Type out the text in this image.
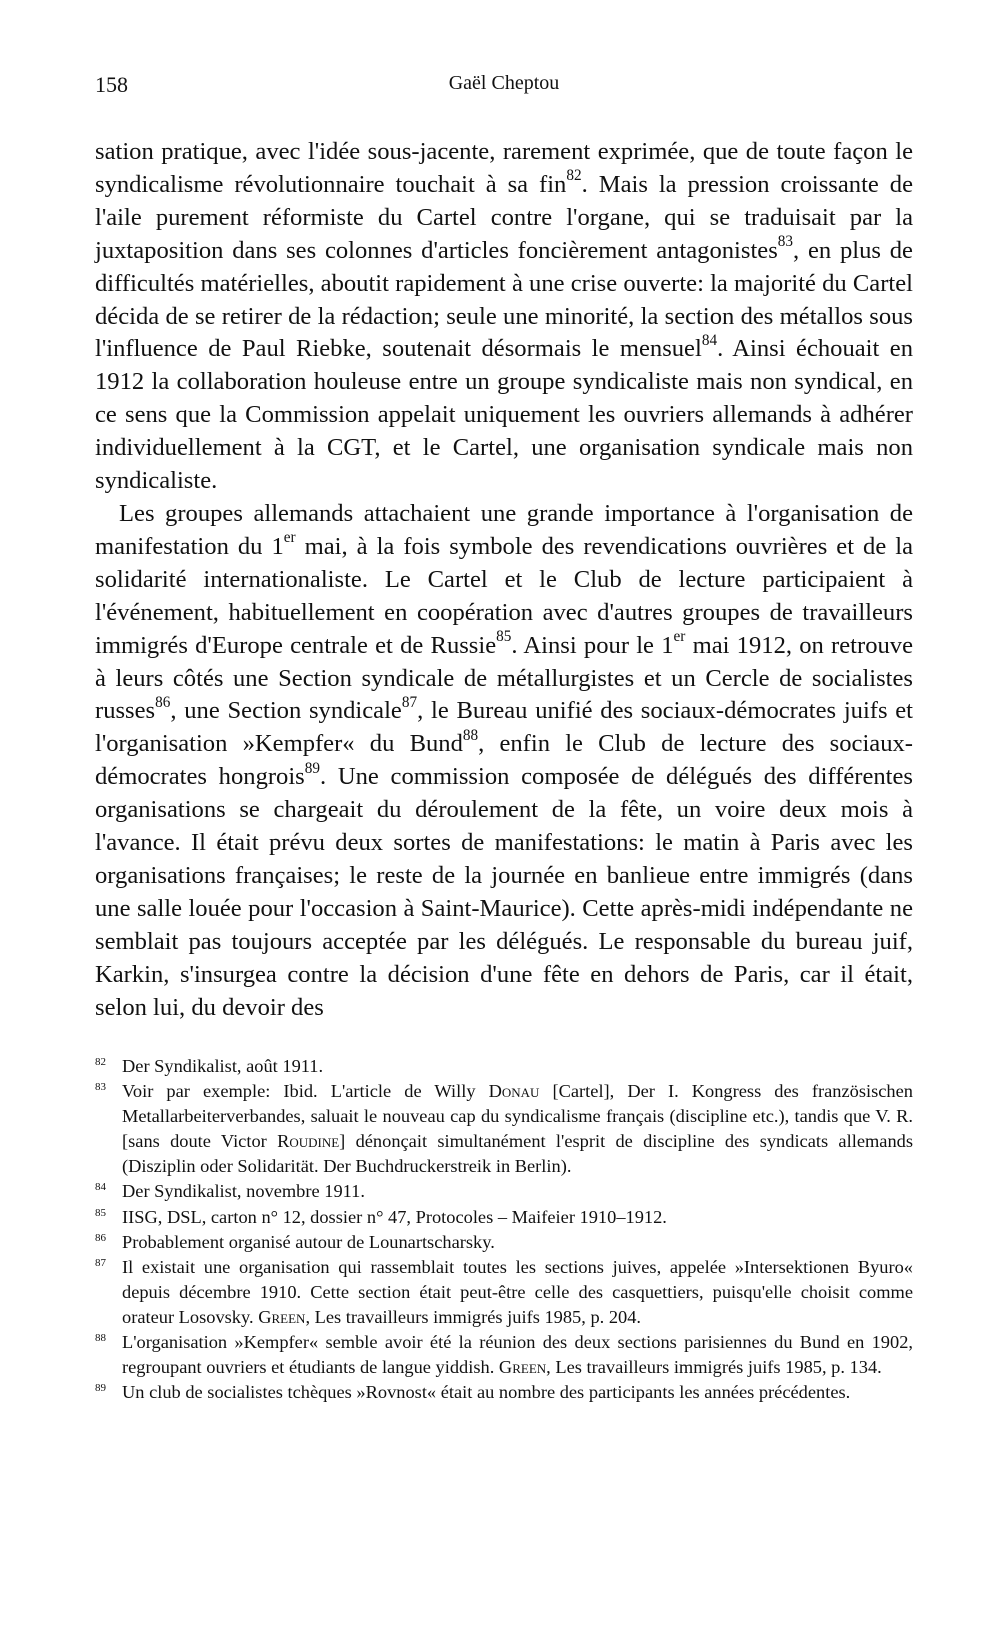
158	Gaël Cheptou

sation pratique, avec l'idée sous-jacente, rarement exprimée, que de toute façon le syndicalisme révolutionnaire touchait à sa fin$^{82}$. Mais la pression croissante de l'aile purement réformiste du Cartel contre l'organe, qui se traduisait par la juxtaposition dans ses colonnes d'articles foncièrement antagonistes$^{83}$, en plus de difficultés matérielles, aboutit rapidement à une crise ouverte: la majorité du Cartel décida de se retirer de la rédaction; seule une minorité, la section des métallos sous l'influence de Paul Riebke, soutenait désormais le mensuel$^{84}$. Ainsi échouait en 1912 la collaboration houleuse entre un groupe syndicaliste mais non syndical, en ce sens que la Commission appelait uniquement les ouvriers allemands à adhérer individuellement à la CGT, et le Cartel, une organisation syndicale mais non syndicaliste.

Les groupes allemands attachaient une grande importance à l'organisation de manifestation du 1er mai, à la fois symbole des revendications ouvrières et de la solidarité internationaliste. Le Cartel et le Club de lecture participaient à l'événement, habituellement en coopération avec d'autres groupes de travailleurs immigrés d'Europe centrale et de Russie$^{85}$. Ainsi pour le 1er mai 1912, on retrouve à leurs côtés une Section syndicale de métallurgistes et un Cercle de socialistes russes$^{86}$, une Section syndicale$^{87}$, le Bureau unifié des sociaux-démocrates juifs et l'organisation »Kempfer« du Bund$^{88}$, enfin le Club de lecture des sociaux-démocrates hongrois$^{89}$. Une commission composée de délégués des différentes organisations se chargeait du déroulement de la fête, un voire deux mois à l'avance. Il était prévu deux sortes de manifestations: le matin à Paris avec les organisations françaises; le reste de la journée en banlieue entre immigrés (dans une salle louée pour l'occasion à Saint-Maurice). Cette après-midi indépendante ne semblait pas toujours acceptée par les délégués. Le responsable du bureau juif, Karkin, s'insurgea contre la décision d'une fête en dehors de Paris, car il était, selon lui, du devoir des

82 Der Syndikalist, août 1911.
83 Voir par exemple: Ibid. L'article de Willy Donau [Cartel], Der I. Kongress des französischen Metallarbeiterverbandes, saluait le nouveau cap du syndicalisme français (discipline etc.), tandis que V. R. [sans doute Victor Roudine] dénonçait simultanément l'esprit de discipline des syndicats allemands (Disziplin oder Solidarität. Der Buchdruckerstreik in Berlin).
84 Der Syndikalist, novembre 1911.
85 IISG, DSL, carton n° 12, dossier n° 47, Protocoles – Maifeier 1910–1912.
86 Probablement organisé autour de Lounartscharsky.
87 Il existait une organisation qui rassemblait toutes les sections juives, appelée »Intersektionen Byuro« depuis décembre 1910. Cette section était peut-être celle des casquettiers, puisqu'elle choisit comme orateur Losovsky. Green, Les travailleurs immigrés juifs 1985, p. 204.
88 L'organisation »Kempfer« semble avoir été la réunion des deux sections parisiennes du Bund en 1902, regroupant ouvriers et étudiants de langue yiddish. Green, Les travailleurs immigrés juifs 1985, p. 134.
89 Un club de socialistes tchèques »Rovnost« était au nombre des participants les années précédentes.
